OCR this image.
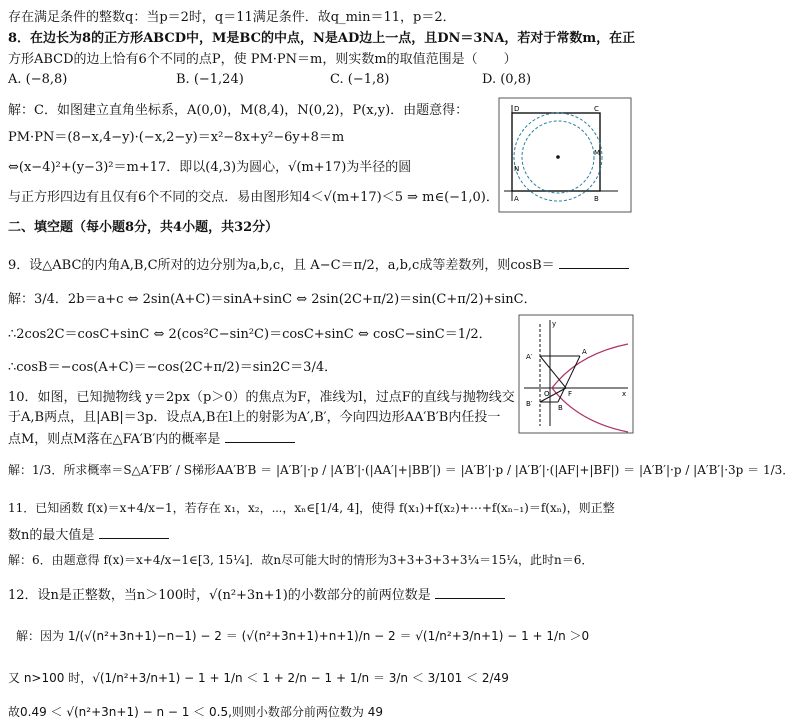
存在满足条件的整数q：当p＝2时，q＝11满足条件．故q_min＝11，p＝2．
8．在边长为8的正方形ABCD中，M是BC的中点，N是AD边上一点，且DN＝3NA，若对于常数m，在正
方形ABCD的边上恰有6个不同的点P，使 PM·PN＝m，则实数m的取值范围是（　　）
A. (−8,8)	B. (−1,24)	C. (−1,8)	D. (0,8)
解：C．如图建立直角坐标系，A(0,0)，M(8,4)，N(0,2)，P(x,y)．由题意得：
PM·PN＝(8−x,4−y)·(−x,2−y)＝x²−8x+y²−6y+8＝m
⇔(x−4)²+(y−3)²＝m+17．即以(4,3)为圆心，√(m+17)为半径的圆
与正方形四边有且仅有6个不同的交点．易由图形知4＜√(m+17)＜5 ⇒ m∈(−1,0)．
二、填空题（每小题8分，共4小题，共32分）
9．设△ABC的内角A,B,C所对的边分别为a,b,c，且 A−C＝π/2，a,b,c成等差数列，则cosB＝
解：3/4．2b＝a+c ⇔ 2sin(A+C)＝sinA+sinC ⇔ 2sin(2C+π/2)＝sin(C+π/2)+sinC．
∴2cos2C＝cosC+sinC ⇔ 2(cos²C−sin²C)＝cosC+sinC ⇔ cosC−sinC＝1/2．
∴cosB＝−cos(A+C)＝−cos(2C+π/2)＝sin2C＝3/4．
10．如图，已知抛物线 y＝2px（p＞0）的焦点为F，准线为l，过点F的直线与抛物线交
于A,B两点，且|AB|＝3p．设点A,B在l上的射影为A′,B′，今向四边形AA′B′B内任投一
点M，则点M落在△FA′B′内的概率是
解：1/3．所求概率＝S△A′FB′ / S梯形AA′B′B ＝ |A′B′|·p / |A′B′|·(|AA′|+|BB′|) ＝ |A′B′|·p / |A′B′|·(|AF|+|BF|) ＝ |A′B′|·p / |A′B′|·3p ＝ 1/3．
11．已知函数 f(x)＝x+4/x−1，若存在 x₁，x₂，⋯，xₙ∈[1/4, 4]，使得 f(x₁)+f(x₂)+⋯+f(xₙ₋₁)＝f(xₙ)，则正整
数n的最大值是
解：6．由题意得 f(x)＝x+4/x−1∈[3, 15¼]．故n尽可能大时的情形为3+3+3+3+3¼＝15¼，此时n＝6．
12．设n是正整数，当n＞100时，√(n²+3n+1)的小数部分的前两位数是
解：因为 1/(√(n²+3n+1)−n−1) − 2 ＝ (√(n²+3n+1)+n+1)/n − 2 ＝ √(1/n²+3/n+1) − 1 + 1/n ＞0
又 n>100 时，√(1/n²+3/n+1) − 1 + 1/n ＜ 1 + 2/n − 1 + 1/n ＝ 3/n ＜ 3/101 ＜ 2/49
故0.49 ＜ √(n²+3n+1) − n − 1 ＜ 0.5,则则小数部分前两位数为 49
D
N
A
M
B
C
y
A′
A
O	F	x
B′	B
